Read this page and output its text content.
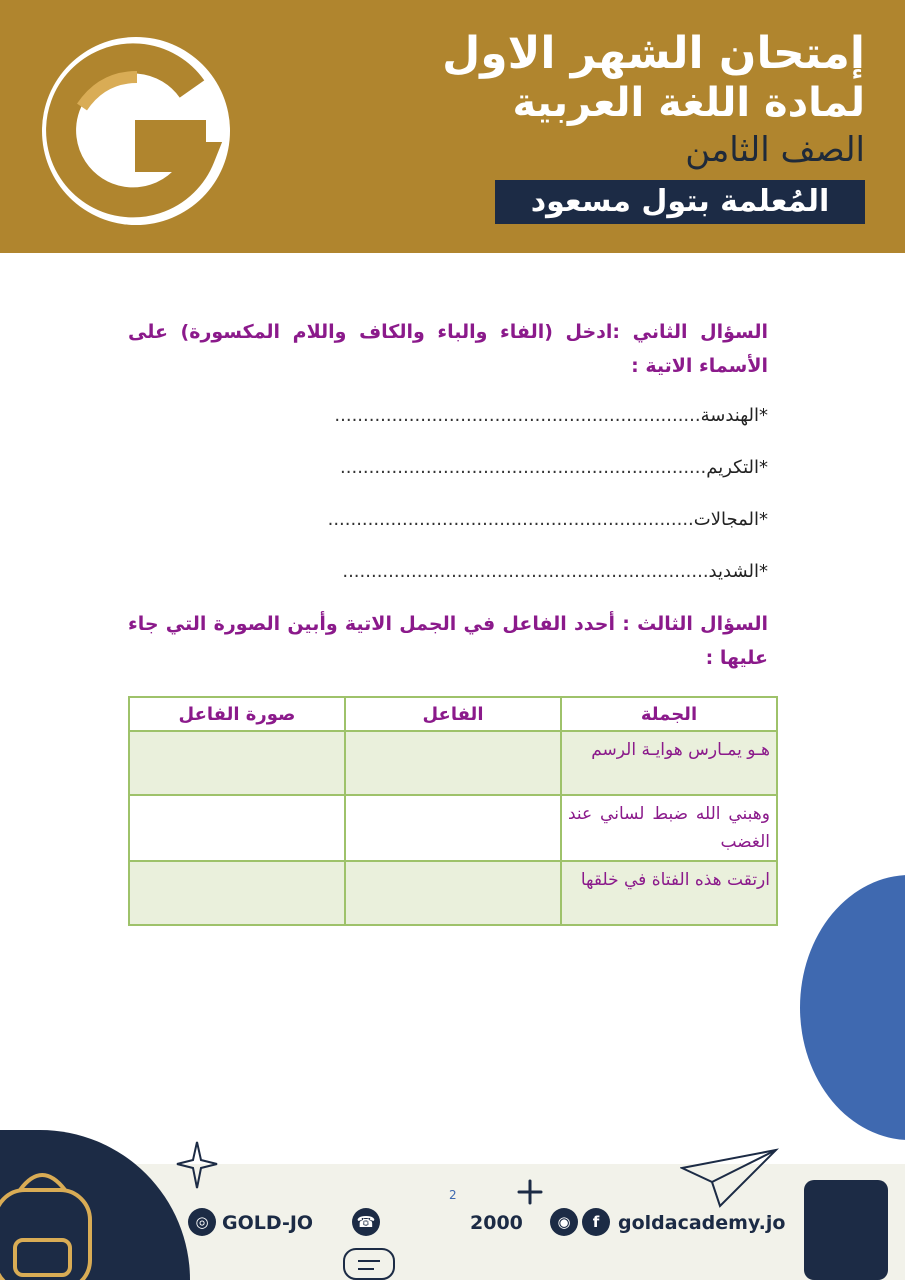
إمتحان الشهر الاول
لمادة اللغة العربية
الصف الثامن
المُعلمة بتول مسعود
السؤال الثاني :ادخل (الفاء والباء والكاف واللام المكسورة) على الأسماء الاتية :
*الهندسة................................................................
*التكريم................................................................
*المجالات................................................................
*الشديد................................................................
السؤال الثالث : أحدد الفاعل في الجمل الاتية وأبين الصورة التي جاء عليها :
الجملة	الفاعل	صورة الفاعل
هـو يمـارس هوايـة الرسم		
وهبني الله ضبط لساني عند الغضب		
ارتقت هذه الفتاة في خلقها		
2
◎ GOLD-JO	☎	2000	◉	f goldacademy.jo
